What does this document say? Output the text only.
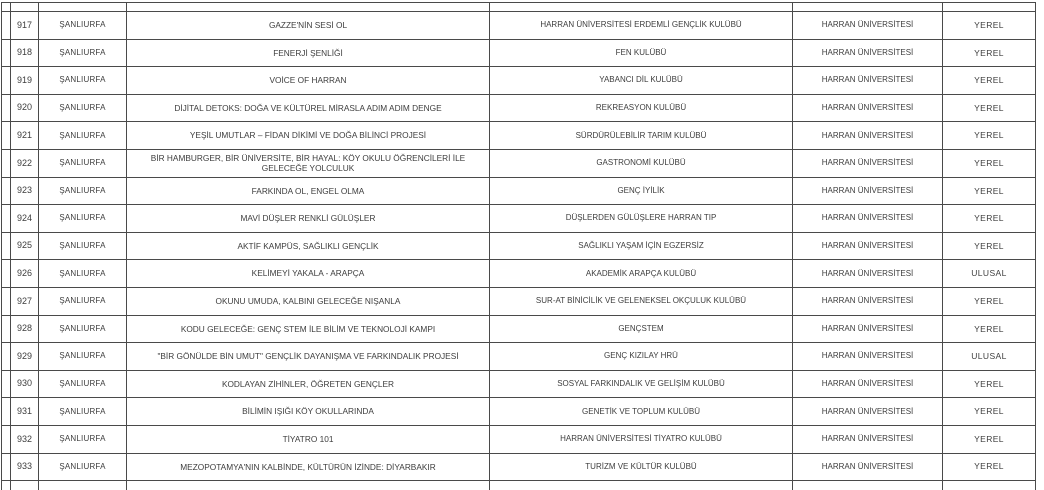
	917	ŞANLIURFA	GAZZE'NİN SESİ OL	HARRAN ÜNİVERSİTESİ ERDEMLİ GENÇLİK KULÜBÜ	HARRAN ÜNİVERSİTESİ	YEREL
	918	ŞANLIURFA	FENERJİ ŞENLİĞİ	FEN KULÜBÜ	HARRAN ÜNİVERSİTESİ	YEREL
	919	ŞANLIURFA	VOİCE OF HARRAN	YABANCI DİL KULÜBÜ	HARRAN ÜNİVERSİTESİ	YEREL
	920	ŞANLIURFA	DİJİTAL DETOKS: DOĞA VE KÜLTÜREL MİRASLA ADIM ADIM DENGE	REKREASYON KULÜBÜ	HARRAN ÜNİVERSİTESİ	YEREL
	921	ŞANLIURFA	YEŞİL UMUTLAR – FİDAN DİKİMİ VE DOĞA BİLİNCİ PROJESİ	SÜRDÜRÜLEBİLİR TARIM KULÜBÜ	HARRAN ÜNİVERSİTESİ	YEREL
	922	ŞANLIURFA	BİR HAMBURGER, BİR ÜNİVERSİTE, BİR HAYAL: KÖY OKULU ÖĞRENCİLERİ İLE GELECEĞE YOLCULUK	GASTRONOMİ KULÜBÜ	HARRAN ÜNİVERSİTESİ	YEREL
	923	ŞANLIURFA	FARKINDA OL, ENGEL OLMA	GENÇ İYİLİK	HARRAN ÜNİVERSİTESİ	YEREL
	924	ŞANLIURFA	MAVİ DÜŞLER RENKLİ GÜLÜŞLER	DÜŞLERDEN GÜLÜŞLERE HARRAN TIP	HARRAN ÜNİVERSİTESİ	YEREL
	925	ŞANLIURFA	AKTİF KAMPÜS, SAĞLIKLI GENÇLİK	SAĞLIKLI YAŞAM İÇİN EGZERSİZ	HARRAN ÜNİVERSİTESİ	YEREL
	926	ŞANLIURFA	KELİMEYİ YAKALA - ARAPÇA	AKADEMİK ARAPÇA KULÜBÜ	HARRAN ÜNİVERSİTESİ	ULUSAL
	927	ŞANLIURFA	OKUNU UMUDA, KALBINI GELECEĞE NIŞANLA	SUR-AT BİNİCİLİK VE GELENEKSEL OKÇULUK KULÜBÜ	HARRAN ÜNİVERSİTESİ	YEREL
	928	ŞANLIURFA	KODU GELECEĞE: GENÇ STEM İLE BİLİM VE TEKNOLOJİ KAMPI	GENÇSTEM	HARRAN ÜNİVERSİTESİ	YEREL
	929	ŞANLIURFA	"BİR GÖNÜLDE BİN UMUT" GENÇLİK DAYANIŞMA VE FARKINDALIK PROJESİ	GENÇ KIZILAY HRÜ	HARRAN ÜNİVERSİTESİ	ULUSAL
	930	ŞANLIURFA	KODLAYAN ZİHİNLER, ÖĞRETEN GENÇLER	SOSYAL FARKINDALIK VE GELİŞİM KULÜBÜ	HARRAN ÜNİVERSİTESİ	YEREL
	931	ŞANLIURFA	BİLİMİN IŞIĞI KÖY OKULLARINDA	GENETİK VE TOPLUM KULÜBÜ	HARRAN ÜNİVERSİTESİ	YEREL
	932	ŞANLIURFA	TİYATRO 101	HARRAN ÜNİVERSİTESİ TİYATRO KULÜBÜ	HARRAN ÜNİVERSİTESİ	YEREL
	933	ŞANLIURFA	MEZOPOTAMYA'NIN KALBİNDE, KÜLTÜRÜN İZİNDE: DİYARBAKIR	TURİZM VE KÜLTÜR KULÜBÜ	HARRAN ÜNİVERSİTESİ	YEREL
